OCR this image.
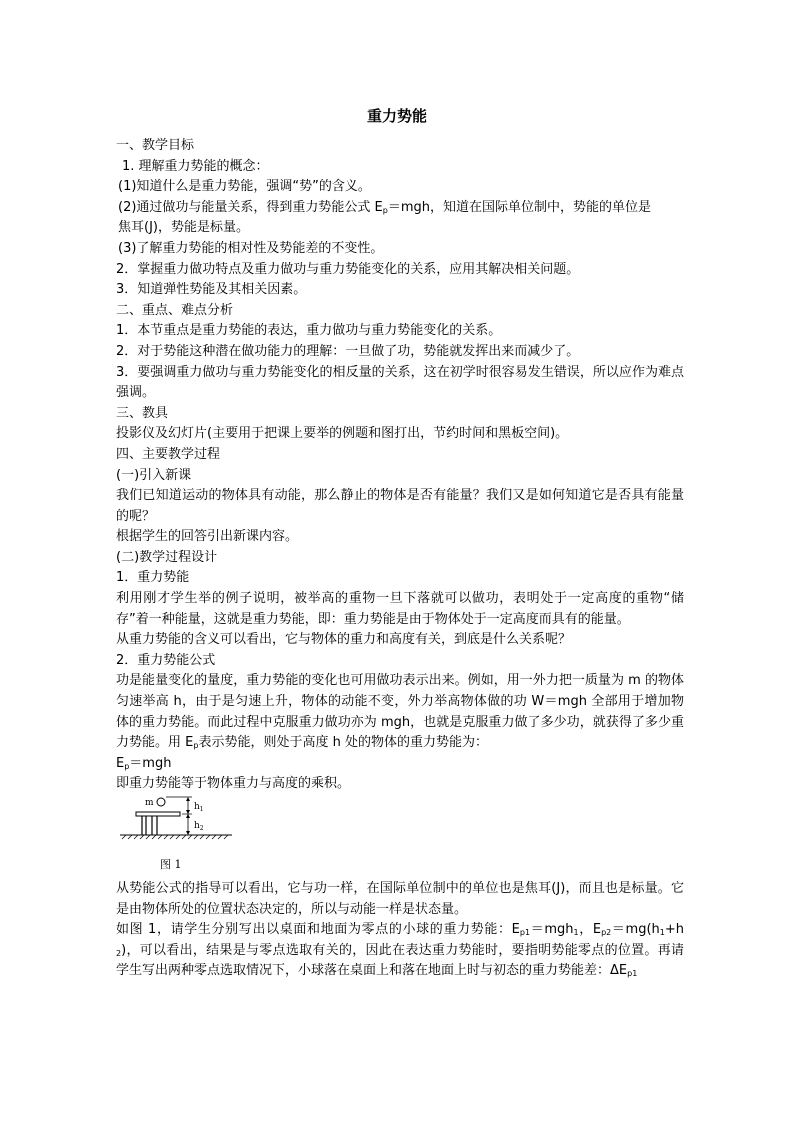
重力势能

一、教学目标

1. 理解重力势能的概念：

(1)知道什么是重力势能，强调“势”的含义。

(2)通过做功与能量关系，得到重力势能公式 $E_p=mgh$，知道在国际单位制中，势能的单位是

焦耳(J)，势能是标量。

(3)了解重力势能的相对性及势能差的不变性。

2．掌握重力做功特点及重力做功与重力势能变化的关系，应用其解决相关问题。

3．知道弹性势能及其相关因素。

二、重点、难点分析

1．本节重点是重力势能的表达，重力做功与重力势能变化的关系。

2．对于势能这种潜在做功能力的理解：一旦做了功，势能就发挥出来而减少了。

3．要强调重力做功与重力势能变化的相反量的关系，这在初学时很容易发生错误，所以应作为难点强调。

三、教具

投影仪及幻灯片(主要用于把课上要举的例题和图打出，节约时间和黑板空间)。

四、主要教学过程

(一)引入新课

我们已知道运动的物体具有动能，那么静止的物体是否有能量？我们又是如何知道它是否具有能量的呢？

根据学生的回答引出新课内容。

(二)教学过程设计

1．重力势能

利用刚才学生举的例子说明，被举高的重物一旦下落就可以做功，表明处于一定高度的重物“储存”着一种能量，这就是重力势能，即：重力势能是由于物体处于一定高度而具有的能量。

从重力势能的含义可以看出，它与物体的重力和高度有关，到底是什么关系呢？

2．重力势能公式

功是能量变化的量度，重力势能的变化也可用做功表示出来。例如，用一外力把一质量为 m 的物体匀速举高 h，由于是匀速上升，物体的动能不变，外力举高物体做的功 W＝mgh 全部用于增加物体的重力势能。而此过程中克服重力做功亦为 mgh，也就是克服重力做了多少功，就获得了多少重力势能。用 $E_p$表示势能，则处于高度 h 处的物体的重力势能为：

$E_p=mgh$

即重力势能等于物体重力与高度的乘积。

m	$h_1$
$h_2$
图 1

从势能公式的指导可以看出，它与功一样，在国际单位制中的单位也是焦耳(J)，而且也是标量。它是由物体所处的位置状态决定的，所以与动能一样是状态量。

如图 1，请学生分别写出以桌面和地面为零点的小球的重力势能：$E_{p1}=mgh_1$，$E_{p2}=mg(h_1+h_2)$，可以看出，结果是与零点选取有关的，因此在表达重力势能时，要指明势能零点的位置。再请学生写出两种零点选取情况下，小球落在桌面上和落在地面上时与初态的重力势能差：$\Delta E_{p1}$
